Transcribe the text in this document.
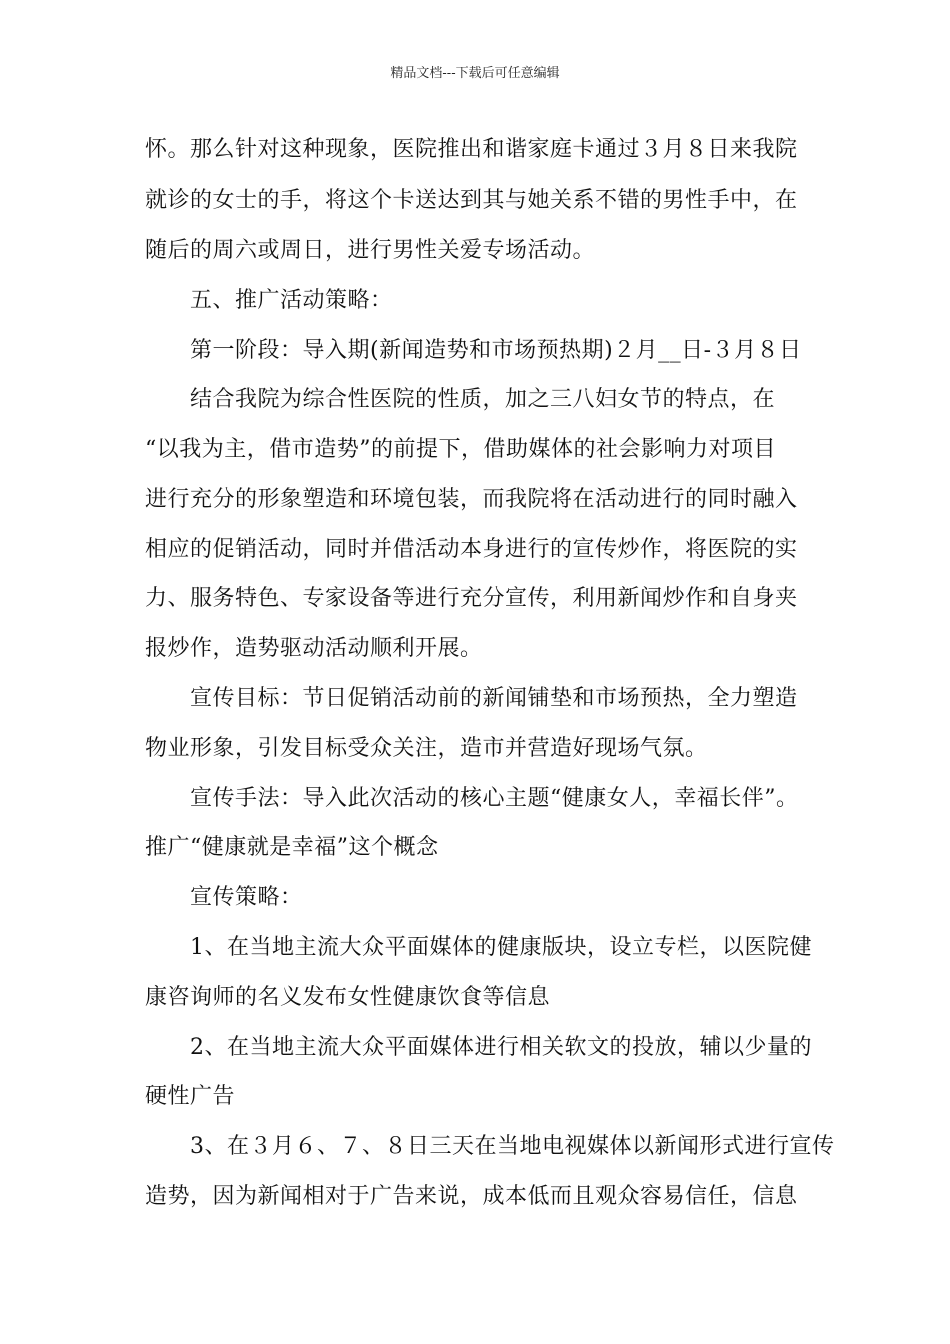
精品文档---下载后可任意编辑
怀。那么针对这种现象，医院推出和谐家庭卡通过３月８日来我院
就诊的女士的手，将这个卡送达到其与她关系不错的男性手中，在
随后的周六或周日，进行男性关爱专场活动。
五、推广活动策略：
第一阶段：导入期(新闻造势和市场预热期)２月__日-３月８日
结合我院为综合性医院的性质，加之三八妇女节的特点，在
“以我为主，借市造势”的前提下，借助媒体的社会影响力对项目
进行充分的形象塑造和环境包装，而我院将在活动进行的同时融入
相应的促销活动，同时并借活动本身进行的宣传炒作，将医院的实
力、服务特色、专家设备等进行充分宣传，利用新闻炒作和自身夹
报炒作，造势驱动活动顺利开展。
宣传目标：节日促销活动前的新闻铺垫和市场预热，全力塑造
物业形象，引发目标受众关注，造市并营造好现场气氛。
宣传手法：导入此次活动的核心主题“健康女人，幸福长伴”。
推广“健康就是幸福”这个概念
宣传策略：
1、在当地主流大众平面媒体的健康版块，设立专栏，以医院健
康咨询师的名义发布女性健康饮食等信息
2、在当地主流大众平面媒体进行相关软文的投放，辅以少量的
硬性广告
3、在３月６、７、８日三天在当地电视媒体以新闻形式进行宣传
造势，因为新闻相对于广告来说，成本低而且观众容易信任，信息
